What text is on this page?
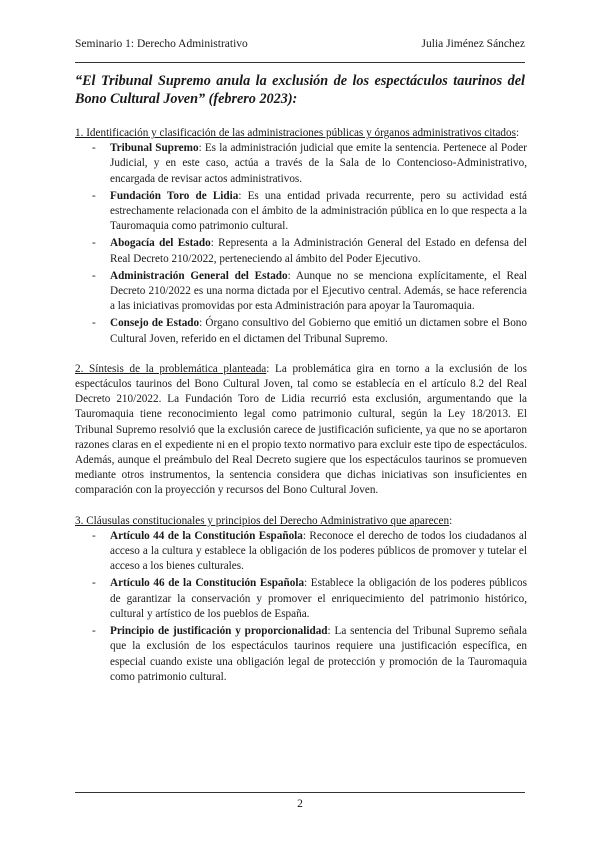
Seminario 1: Derecho Administrativo	Julia Jiménez Sánchez
“El Tribunal Supremo anula la exclusión de los espectáculos taurinos del Bono Cultural Joven” (febrero 2023):
1. Identificación y clasificación de las administraciones públicas y órganos administrativos citados:
- Tribunal Supremo: Es la administración judicial que emite la sentencia. Pertenece al Poder Judicial, y en este caso, actúa a través de la Sala de lo Contencioso-Administrativo, encargada de revisar actos administrativos.
- Fundación Toro de Lidia: Es una entidad privada recurrente, pero su actividad está estrechamente relacionada con el ámbito de la administración pública en lo que respecta a la Tauromaquia como patrimonio cultural.
- Abogacía del Estado: Representa a la Administración General del Estado en defensa del Real Decreto 210/2022, perteneciendo al ámbito del Poder Ejecutivo.
- Administración General del Estado: Aunque no se menciona explícitamente, el Real Decreto 210/2022 es una norma dictada por el Ejecutivo central. Además, se hace referencia a las iniciativas promovidas por esta Administración para apoyar la Tauromaquia.
- Consejo de Estado: Órgano consultivo del Gobierno que emitió un dictamen sobre el Bono Cultural Joven, referido en el dictamen del Tribunal Supremo.

2. Síntesis de la problemática planteada: La problemática gira en torno a la exclusión de los espectáculos taurinos del Bono Cultural Joven, tal como se establecía en el artículo 8.2 del Real Decreto 210/2022. La Fundación Toro de Lidia recurrió esta exclusión, argumentando que la Tauromaquia tiene reconocimiento legal como patrimonio cultural, según la Ley 18/2013. El Tribunal Supremo resolvió que la exclusión carece de justificación suficiente, ya que no se aportaron razones claras en el expediente ni en el propio texto normativo para excluir este tipo de espectáculos. Además, aunque el preámbulo del Real Decreto sugiere que los espectáculos taurinos se promueven mediante otros instrumentos, la sentencia considera que dichas iniciativas son insuficientes en comparación con la proyección y recursos del Bono Cultural Joven.

3. Cláusulas constitucionales y principios del Derecho Administrativo que aparecen:
- Artículo 44 de la Constitución Española: Reconoce el derecho de todos los ciudadanos al acceso a la cultura y establece la obligación de los poderes públicos de promover y tutelar el acceso a los bienes culturales.
- Artículo 46 de la Constitución Española: Establece la obligación de los poderes públicos de garantizar la conservación y promover el enriquecimiento del patrimonio histórico, cultural y artístico de los pueblos de España.
- Principio de justificación y proporcionalidad: La sentencia del Tribunal Supremo señala que la exclusión de los espectáculos taurinos requiere una justificación específica, en especial cuando existe una obligación legal de protección y promoción de la Tauromaquia como patrimonio cultural.
2
